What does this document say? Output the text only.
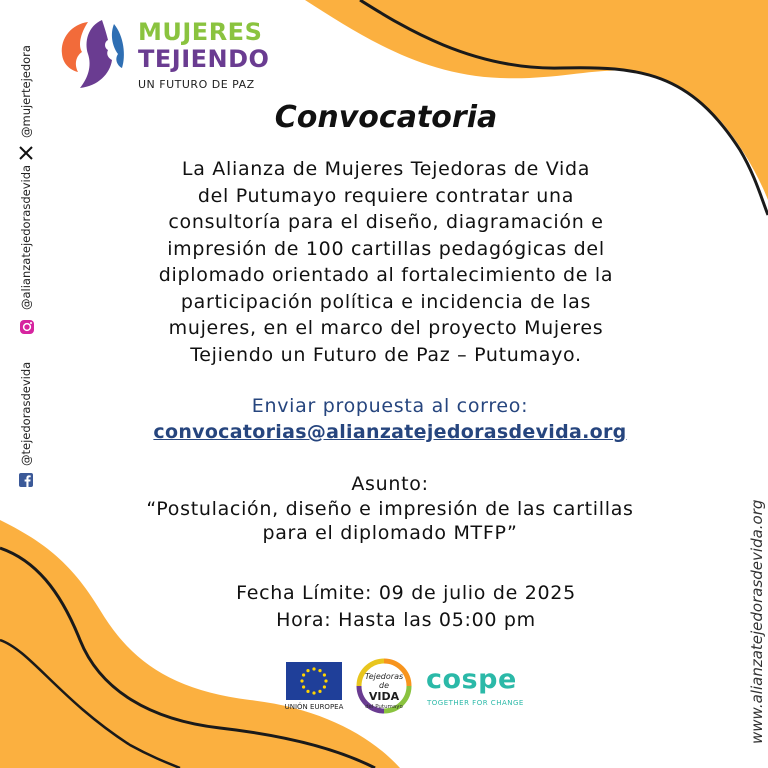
MUJERES
TEJIENDO
UN FUTURO DE PAZ
@mujertejedora
@alianzatejedorasdevida
@tejedorasdevida
www.alianzatejedorasdevida.org
Convocatoria
La Alianza de Mujeres Tejedoras de Vida
del Putumayo requiere contratar una
consultoría para el diseño, diagramación e
impresión de 100 cartillas pedagógicas del
diplomado orientado al fortalecimiento de la
participación política e incidencia de las
mujeres, en el marco del proyecto Mujeres
Tejiendo un Futuro de Paz – Putumayo.
Enviar propuesta al correo:
convocatorias@alianzatejedorasdevida.org
Asunto:
“Postulación, diseño e impresión de las cartillas
para el diplomado MTFP”
Fecha Límite: 09 de julio de 2025
Hora: Hasta las 05:00 pm
UNIÓN EUROPEA
Tejedoras
de
VIDA
del Putumayo
cospe
TOGETHER FOR CHANGE
